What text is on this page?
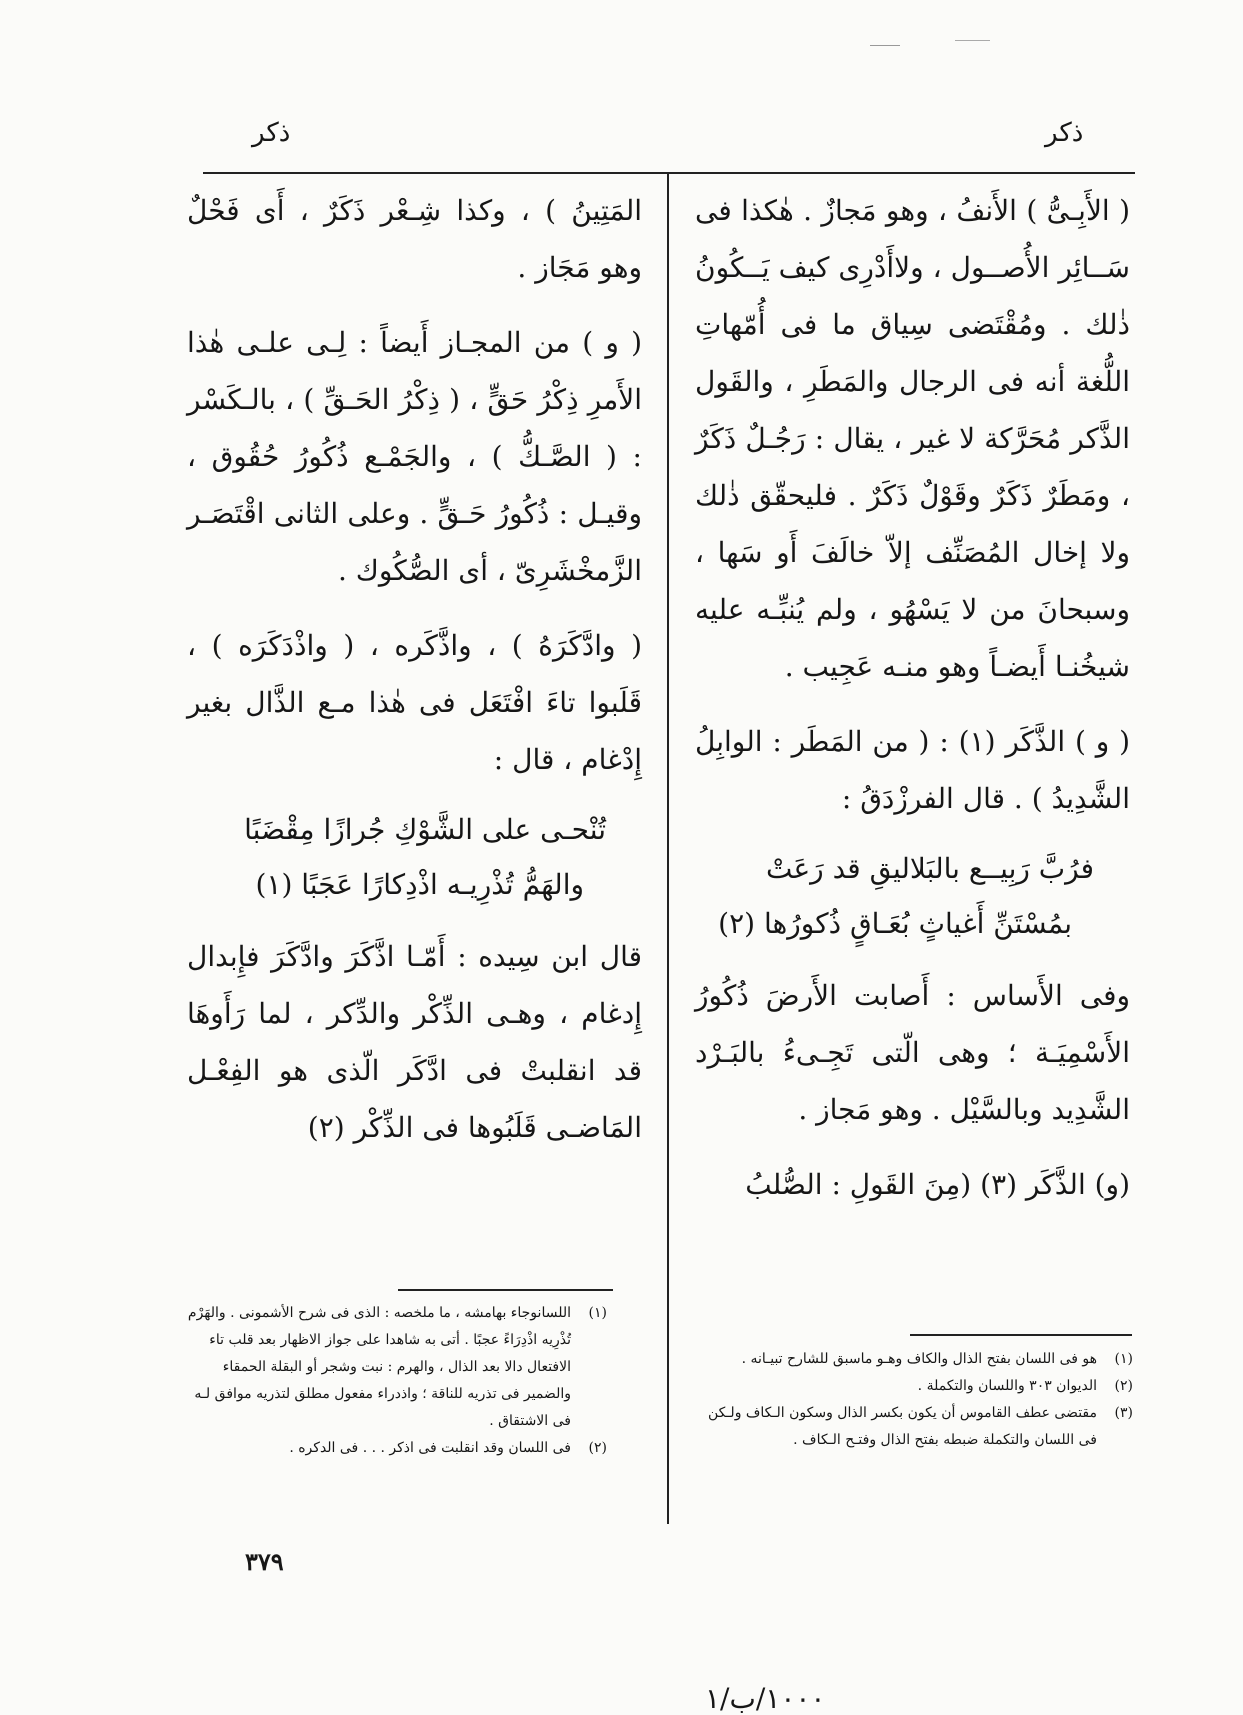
ذكر
ذكر

( الأَبِـىُّ ) الأَنفُ ، وهو مَجازٌ . هٰكذا فى سَــائِر الأُصــول ، ولاأَدْرِى كيف يَــكُونُ ذٰلك . ومُقْتَضى سِياق ما فى أُمّهاتِ اللُّغة أنه فى الرجال والمَطَرِ ، والقَول الذَّكر مُحَرَّكة لا غير ، يقال : رَجُـلٌ ذَكَرٌ ، ومَطَرٌ ذَكَرٌ وقَوْلٌ ذَكَرٌ . فليحقّق ذٰلك ولا إخال المُصَنِّف إلاّ خالَفَ أَو سَها ، وسبحانَ من لا يَسْهُو ، ولم يُنبِّـه عليه شيخُنـا أَيضـاً وهو منـه عَجِيب .

( و ) الذَّكَر (١) : ( من المَطَر : الوابِلُ الشَّدِيدُ ) . قال الفرزْدَقُ :

فرُبَّ رَبِيــع بالبَلاليقِ قد رَعَتْ
بمُسْتَنِّ أَغياثٍ بُعَـاقٍ ذُكورُها (٢)

وفى الأَساس : أَصابت الأَرضَ ذُكُورُ الأَسْمِيَـة ؛ وهى الّتى تَجِـىءُ بالبَـرْد الشَّدِيد وبالسَّيْل . وهو مَجاز .

(و) الذَّكَر (٣) (مِنَ القَولِ : الصُّلبُ

(١)
هو فى اللسان بفتح الذال والكاف وهـو ماسبق للشارح تبيـانه .
(٢)
الديوان ٣٠٣ واللسان والتكملة .
(٣)
مقتضى عطف القاموس أن يكون بكسر الذال وسكون الـكاف ولـكن فى اللسان والتكملة ضبطه بفتح الذال وفتـح الـكاف .

المَتِينُ ) ، وكذا شِـعْر ذَكَرٌ ، أَى فَحْلٌ وهو مَجَاز .

( و ) من المجـاز أَيضاً : لِـى علـى هٰذا الأَمرِ ذِكْرُ حَقٍّ ، ( ذِكْرُ الحَـقِّ ) ، بالـكَسْر : ( الصَّـكُّ ) ، والجَمْـع ذُكُورُ حُقُوق ، وقيـل : ذُكُورُ حَـقٍّ . وعلى الثانى اقْتَصَـر الزَّمخْشَرِىّ ، أى الصُّكُوك .

( وادَّكَرَهُ ) ، واذَّكَره ، ( واذْدَكَرَه ) ، قَلَبوا تاءَ افْتَعَل فى هٰذا مـع الذَّال بغير إِدْغام ، قال :

تُنْحـى على الشَّوْكِ جُرازًا مِقْضَبًا
والهَمُّ تُذْرِيـه اذْدِكارًا عَجَبًا (١)

قال ابن سِيده : أَمّـا اذَّكَرَ وادَّكَرَ فإِبدال إِدغام ، وهـى الذِّكْر والدِّكر ، لما رَأَوهَا قد انقلبتْ فى ادَّكَر الّذى هو الفِعْـل المَاضـى قَلَبُوها فى الذِّكْر (٢)

(١)
اللسانوجاء بهامشه ، ما ملخصه : الذى فى شرح الأشمونى . والهَرْم تُذْرِيه اذْدِرَاءً عجبًا . أتى به شاهدا على جواز الاظهار بعد قلب تاء الافتعال دالا بعد الذال ، والهرم : نبت وشجر أو البقلة الحمقاء والضمير فى تذريه للناقة ؛ واذدراء مفعول مطلق لتذريه موافق لـه فى الاشتقاق .
(٢)
فى اللسان وقد انقلبت فى اذكر . . . فى الدكره .
٣٧٩
١٠٠٠/ب/١
